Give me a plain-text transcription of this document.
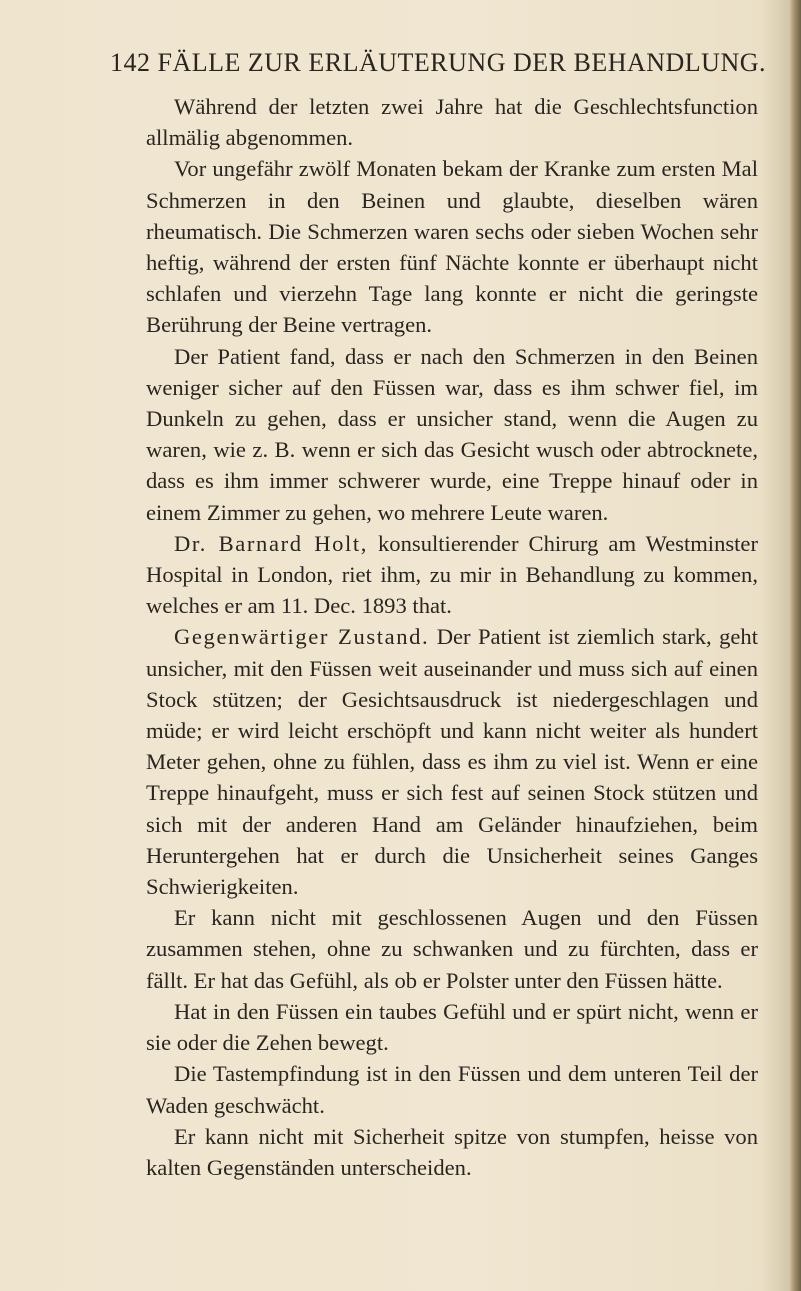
142 FÄLLE ZUR ERLÄUTERUNG DER BEHANDLUNG.

Während der letzten zwei Jahre hat die Geschlechtsfunction allmälig abgenommen.

Vor ungefähr zwölf Monaten bekam der Kranke zum ersten Mal Schmerzen in den Beinen und glaubte, dieselben wären rheumatisch. Die Schmerzen waren sechs oder sieben Wochen sehr heftig, während der ersten fünf Nächte konnte er überhaupt nicht schlafen und vierzehn Tage lang konnte er nicht die geringste Berührung der Beine vertragen.

Der Patient fand, dass er nach den Schmerzen in den Beinen weniger sicher auf den Füssen war, dass es ihm schwer fiel, im Dunkeln zu gehen, dass er unsicher stand, wenn die Augen zu waren, wie z. B. wenn er sich das Gesicht wusch oder abtrocknete, dass es ihm immer schwerer wurde, eine Treppe hinauf oder in einem Zimmer zu gehen, wo mehrere Leute waren.

Dr. Barnard Holt, konsultierender Chirurg am Westminster Hospital in London, riet ihm, zu mir in Behandlung zu kommen, welches er am 11. Dec. 1893 that.

Gegenwärtiger Zustand. Der Patient ist ziemlich stark, geht unsicher, mit den Füssen weit auseinander und muss sich auf einen Stock stützen; der Gesichtsausdruck ist niedergeschlagen und müde; er wird leicht erschöpft und kann nicht weiter als hundert Meter gehen, ohne zu fühlen, dass es ihm zu viel ist. Wenn er eine Treppe hinaufgeht, muss er sich fest auf seinen Stock stützen und sich mit der anderen Hand am Geländer hinaufziehen, beim Heruntergehen hat er durch die Unsicherheit seines Ganges Schwierigkeiten.

Er kann nicht mit geschlossenen Augen und den Füssen zusammen stehen, ohne zu schwanken und zu fürchten, dass er fällt. Er hat das Gefühl, als ob er Polster unter den Füssen hätte.

Hat in den Füssen ein taubes Gefühl und er spürt nicht, wenn er sie oder die Zehen bewegt.

Die Tastempfindung ist in den Füssen und dem unteren Teil der Waden geschwächt.

Er kann nicht mit Sicherheit spitze von stumpfen, heisse von kalten Gegenständen unterscheiden.
